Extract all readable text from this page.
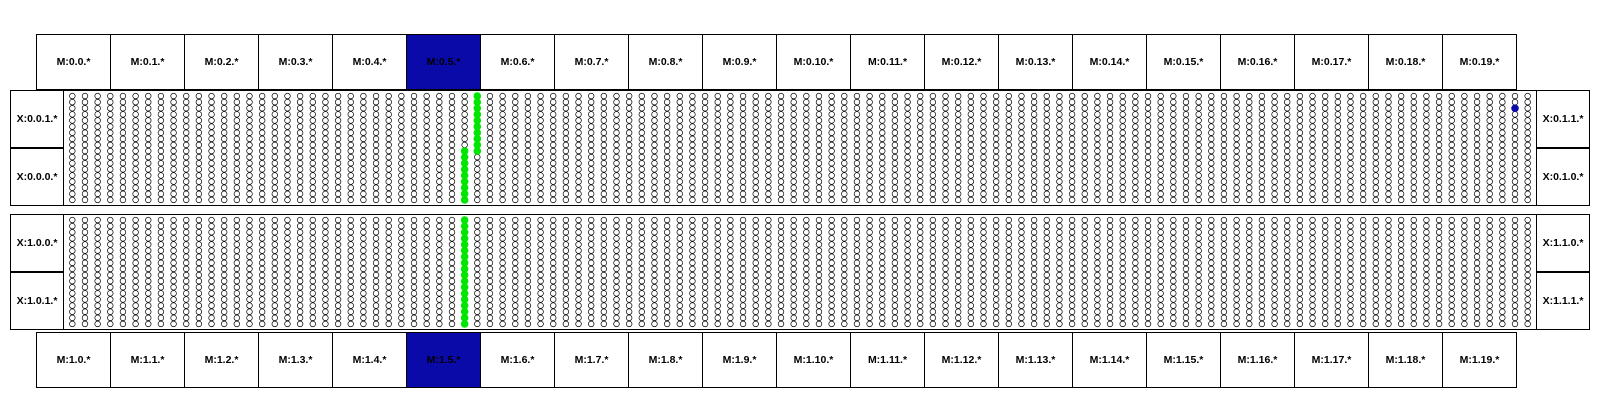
M:0.0.*	M:0.1.*	M:0.2.*	M:0.3.*	M:0.4.*	M:0.5.*	M:0.6.*	M:0.7.*	M:0.8.*	M:0.9.*	M:0.10.*	M:0.11.*	M:0.12.*	M:0.13.*	M:0.14.*	M:0.15.*	M:0.16.*	M:0.17.*	M:0.18.*	M:0.19.*
X:0.0.1.*
X:0.0.0.*
X:1.0.0.*
X:1.0.1.*
X:0.1.1.*
X:0.1.0.*
X:1.1.0.*
X:1.1.1.*
M:1.0.*	M:1.1.*	M:1.2.*	M:1.3.*	M:1.4.*	M:1.5.*	M:1.6.*	M:1.7.*	M:1.8.*	M:1.9.*	M:1.10.*	M:1.11.*	M:1.12.*	M:1.13.*	M:1.14.*	M:1.15.*	M:1.16.*	M:1.17.*	M:1.18.*	M:1.19.*
